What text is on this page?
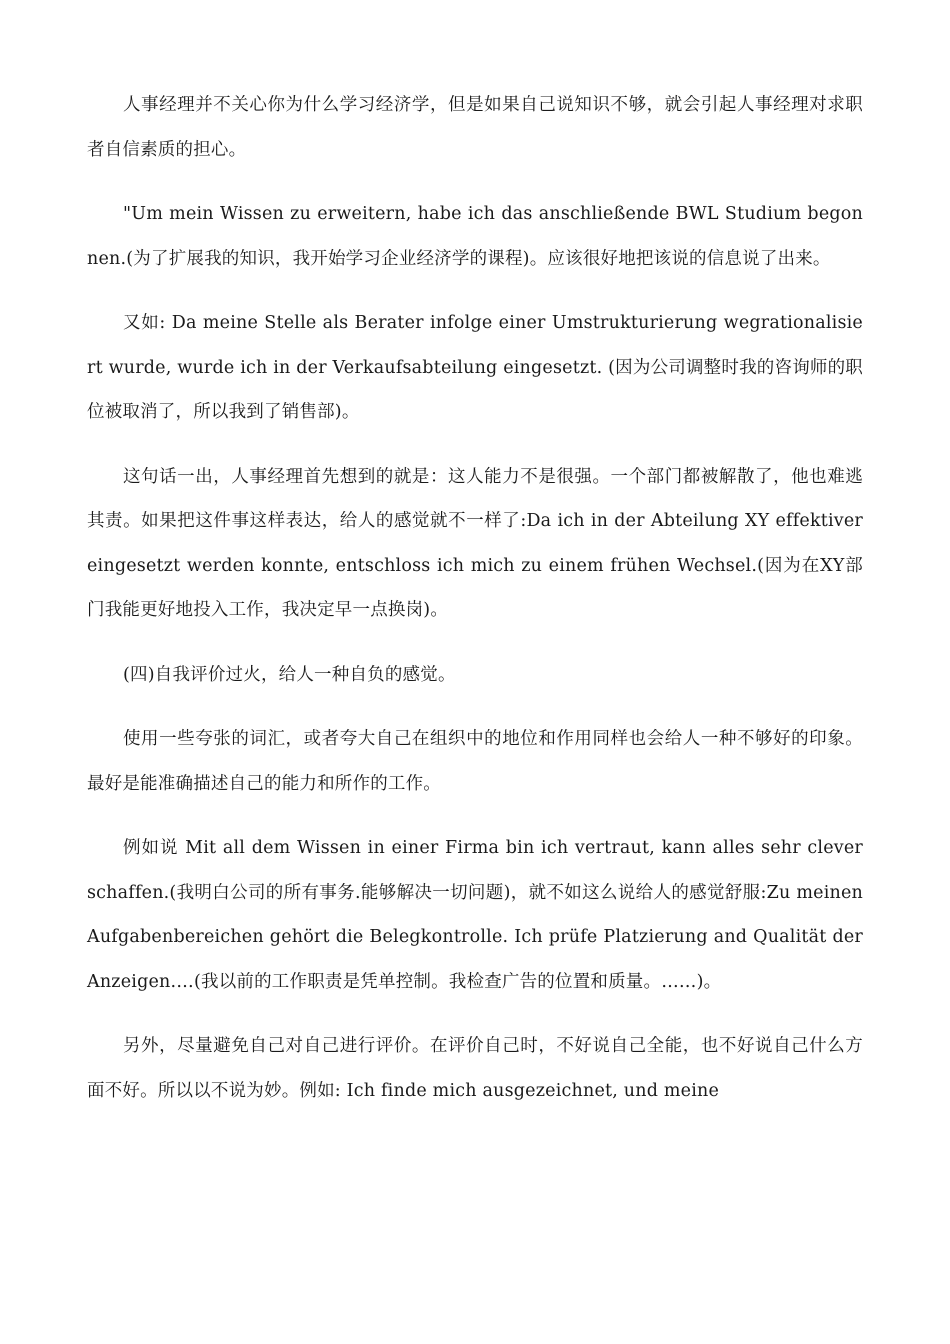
人事经理并不关心你为什么学习经济学，但是如果自己说知识不够，就会引起人事经理对求职者自信素质的担心。

"Um mein Wissen zu erweitern, habe ich das anschließende BWL Studium begonnen.(为了扩展我的知识，我开始学习企业经济学的课程)。应该很好地把该说的信息说了出来。

又如: Da meine Stelle als Berater infolge einer Umstrukturierung wegrationalisiert wurde, wurde ich in der Verkaufsabteilung eingesetzt. (因为公司调整时我的咨询师的职位被取消了，所以我到了销售部)。

这句话一出，人事经理首先想到的就是：这人能力不是很强。一个部门都被解散了，他也难逃其责。如果把这件事这样表达，给人的感觉就不一样了:Da ich in der Abteilung XY effektiver eingesetzt werden konnte, entschloss ich mich zu einem frühen Wechsel.(因为在XY部门我能更好地投入工作，我决定早一点换岗)。

(四)自我评价过火，给人一种自负的感觉。

使用一些夸张的词汇，或者夸大自己在组织中的地位和作用同样也会给人一种不够好的印象。最好是能准确描述自己的能力和所作的工作。

例如说 Mit all dem Wissen in einer Firma bin ich vertraut, kann alles sehr clever schaffen.(我明白公司的所有事务.能够解决一切问题)，就不如这么说给人的感觉舒服:Zu meinen Aufgabenbereichen gehört die Belegkontrolle. Ich prüfe Platzierung and Qualität der Anzeigen.…(我以前的工作职责是凭单控制。我检查广告的位置和质量。……)。

另外，尽量避免自己对自己进行评价。在评价自己时，不好说自己全能，也不好说自己什么方面不好。所以以不说为妙。例如: Ich finde mich ausgezeichnet, und meine
